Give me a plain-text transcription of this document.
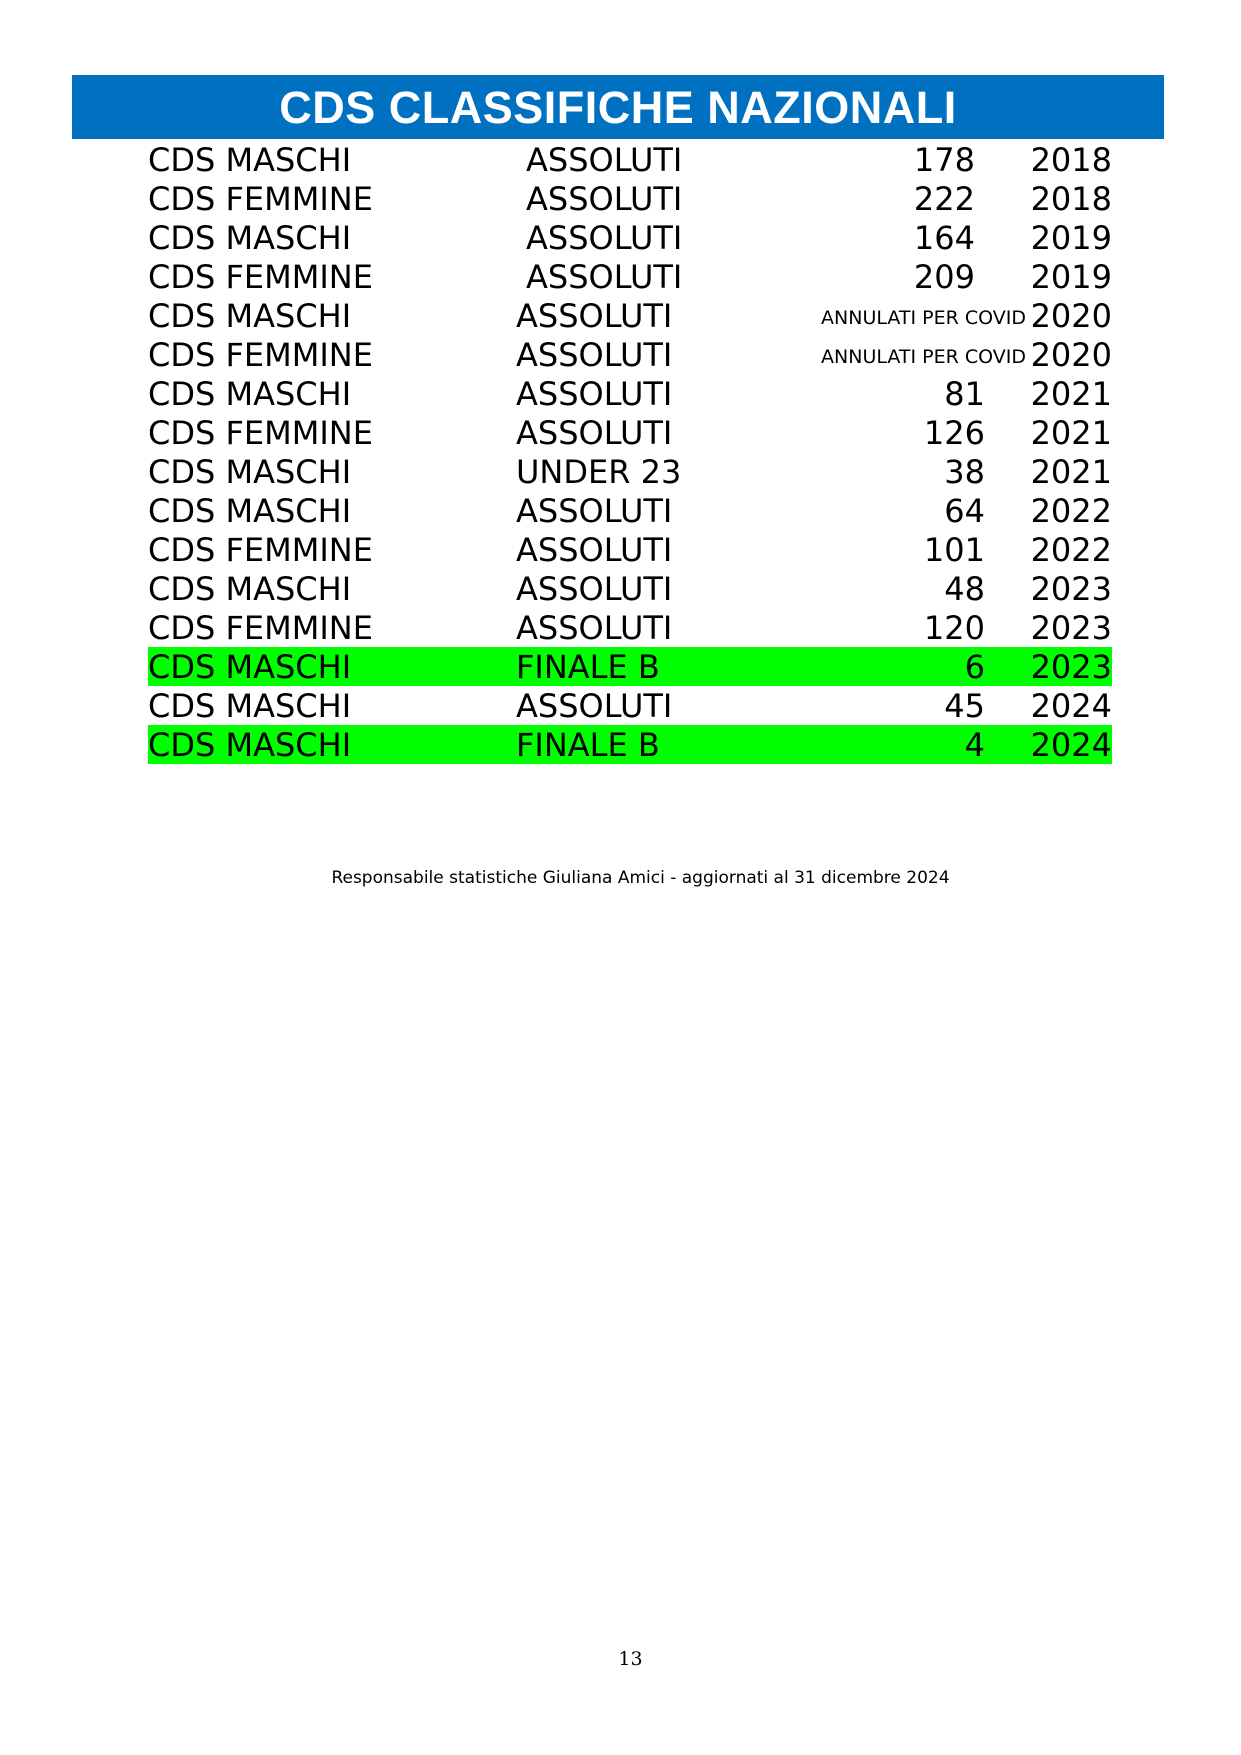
CDS CLASSIFICHE NAZIONALI
CDS MASCHI	ASSOLUTI	178 2018
CDS FEMMINE	ASSOLUTI	222 2018
CDS MASCHI	ASSOLUTI	164 2019
CDS FEMMINE	ASSOLUTI	209 2019
CDS MASCHI	ASSOLUTI	ANNULATI PER COVID 2020
CDS FEMMINE	ASSOLUTI	ANNULATI PER COVID 2020
CDS MASCHI	ASSOLUTI	81 2021
CDS FEMMINE	ASSOLUTI	126 2021
CDS MASCHI	UNDER 23	38 2021
CDS MASCHI	ASSOLUTI	64 2022
CDS FEMMINE	ASSOLUTI	101 2022
CDS MASCHI	ASSOLUTI	48 2023
CDS FEMMINE	ASSOLUTI	120 2023
CDS MASCHI	FINALE B	6 2023
CDS MASCHI	ASSOLUTI	45 2024
CDS MASCHI	FINALE B	4 2024
Responsabile statistiche Giuliana Amici - aggiornati al 31 dicembre 2024
13
